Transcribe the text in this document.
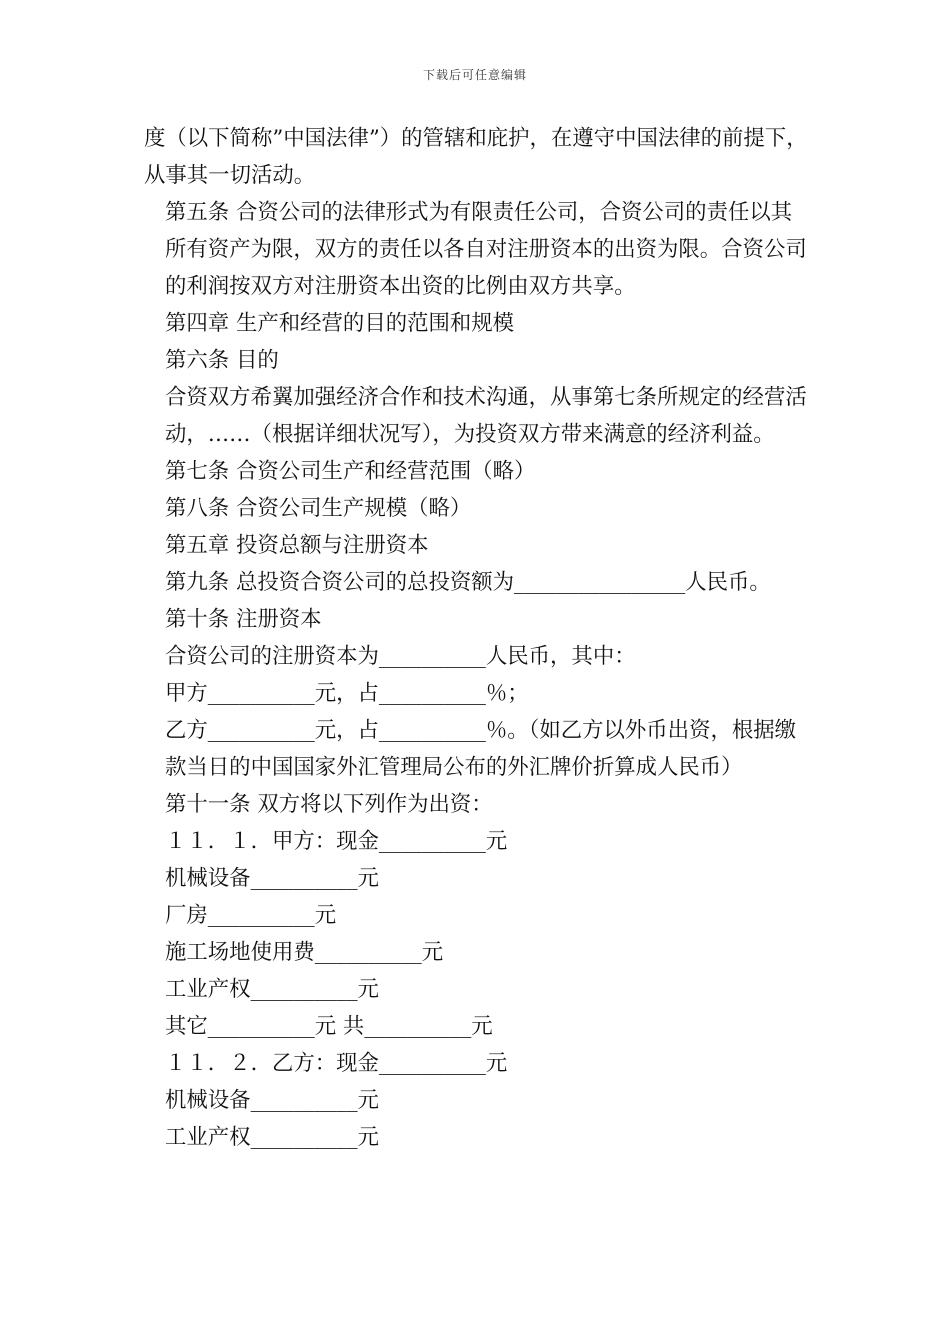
下载后可任意编辑

度（以下简称”中国法律”）的管辖和庇护，在遵守中国法律的前提下，从事其一切活动。

第五条 合资公司的法律形式为有限责任公司，合资公司的责任以其所有资产为限，双方的责任以各自对注册资本的出资为限。合资公司的利润按双方对注册资本出资的比例由双方共享。

第四章 生产和经营的目的范围和规模

第六条 目的

合资双方希翼加强经济合作和技术沟通，从事第七条所规定的经营活动，……（根据详细状况写），为投资双方带来满意的经济利益。

第七条 合资公司生产和经营范围（略）

第八条 合资公司生产规模（略）

第五章 投资总额与注册资本

第九条 总投资合资公司的总投资额为________________人民币。

第十条 注册资本

合资公司的注册资本为__________人民币，其中：

甲方__________元，占__________％；

乙方__________元，占__________％。（如乙方以外币出资，根据缴款当日的中国国家外汇管理局公布的外汇牌价折算成人民币）

第十一条 双方将以下列作为出资：

１１．１．甲方：现金__________元

机械设备__________元

厂房__________元

施工场地使用费__________元

工业产权__________元

其它__________元 共__________元

１１．２．乙方：现金__________元

机械设备__________元

工业产权__________元
